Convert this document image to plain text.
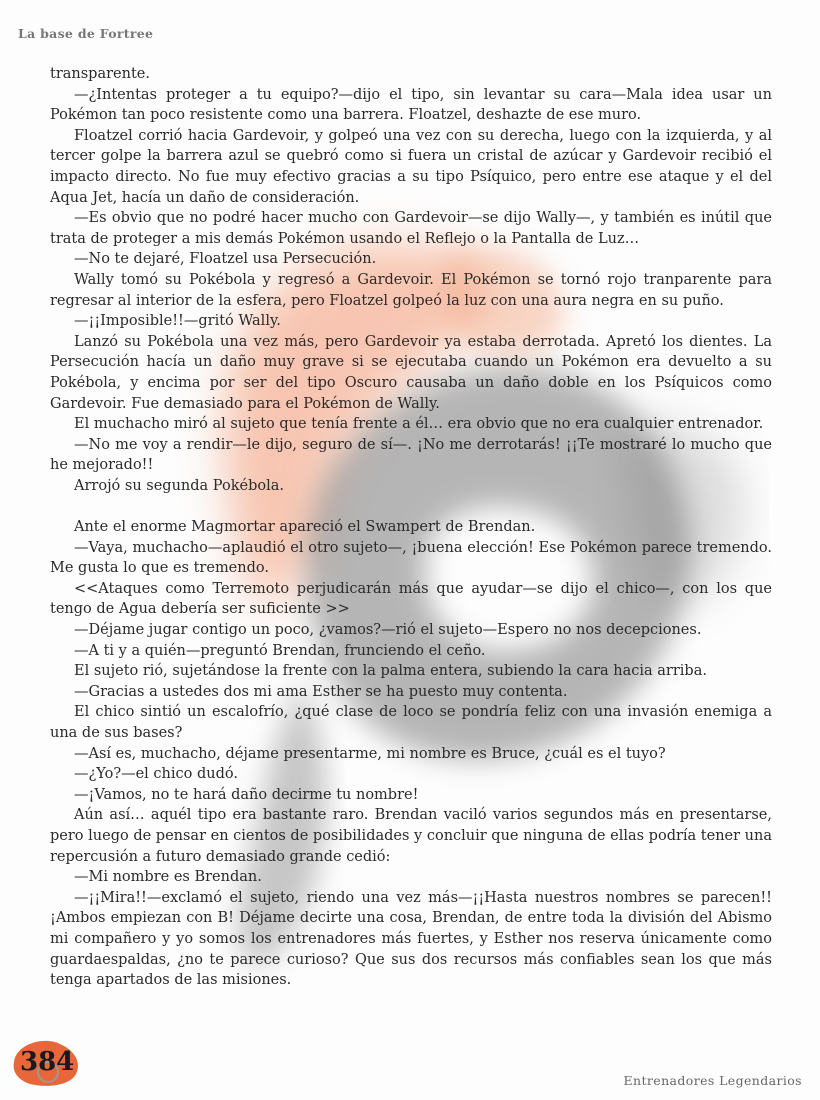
La base de Fortree

transparente.

—¿Intentas proteger a tu equipo?—dijo el tipo, sin levantar su cara—Mala idea usar un Pokémon tan poco resistente como una barrera. Floatzel, deshazte de ese muro.

Floatzel corrió hacia Gardevoir, y golpeó una vez con su derecha, luego con la izquierda, y al tercer golpe la barrera azul se quebró como si fuera un cristal de azúcar y Gardevoir recibió el impacto directo. No fue muy efectivo gracias a su tipo Psíquico, pero entre ese ataque y el del Aqua Jet, hacía un daño de consideración.

—Es obvio que no podré hacer mucho con Gardevoir—se dijo Wally—, y también es inútil que trata de proteger a mis demás Pokémon usando el Reflejo o la Pantalla de Luz…

—No te dejaré, Floatzel usa Persecución.

Wally tomó su Pokébola y regresó a Gardevoir. El Pokémon se tornó rojo tranparente para regresar al interior de la esfera, pero Floatzel golpeó la luz con una aura negra en su puño.

—¡¡Imposible!!—gritó Wally.

Lanzó su Pokébola una vez más, pero Gardevoir ya estaba derrotada. Apretó los dientes. La Persecución hacía un daño muy grave si se ejecutaba cuando un Pokémon era devuelto a su Pokébola, y encima por ser del tipo Oscuro causaba un daño doble en los Psíquicos como Gardevoir. Fue demasiado para el Pokémon de Wally.

El muchacho miró al sujeto que tenía frente a él… era obvio que no era cualquier entrenador.

—No me voy a rendir—le dijo, seguro de sí—. ¡No me derrotarás! ¡¡Te mostraré lo mucho que he mejorado!!

Arrojó su segunda Pokébola.

Ante el enorme Magmortar apareció el Swampert de Brendan.

—Vaya, muchacho—aplaudió el otro sujeto—, ¡buena elección! Ese Pokémon parece tremendo. Me gusta lo que es tremendo.

<<Ataques como Terremoto perjudicarán más que ayudar—se dijo el chico—, con los que tengo de Agua debería ser suficiente >>

—Déjame jugar contigo un poco, ¿vamos?—rió el sujeto—Espero no nos decepciones.

—A ti y a quién—preguntó Brendan, frunciendo el ceño.

El sujeto rió, sujetándose la frente con la palma entera, subiendo la cara hacia arriba.

—Gracias a ustedes dos mi ama Esther se ha puesto muy contenta.

El chico sintió un escalofrío, ¿qué clase de loco se pondría feliz con una invasión enemiga a una de sus bases?

—Así es, muchacho, déjame presentarme, mi nombre es Bruce, ¿cuál es el tuyo?

—¿Yo?—el chico dudó.

—¡Vamos, no te hará daño decirme tu nombre!

Aún así… aquél tipo era bastante raro. Brendan vaciló varios segundos más en presentarse, pero luego de pensar en cientos de posibilidades y concluir que ninguna de ellas podría tener una repercusión a futuro demasiado grande cedió:

—Mi nombre es Brendan.

—¡¡Mira!!—exclamó el sujeto, riendo una vez más—¡¡Hasta nuestros nombres se parecen!! ¡Ambos empiezan con B! Déjame decirte una cosa, Brendan, de entre toda la división del Abismo mi compañero y yo somos los entrenadores más fuertes, y Esther nos reserva únicamente como guardaespaldas, ¿no te parece curioso? Que sus dos recursos más confiables sean los que más tenga apartados de las misiones.

384
Entrenadores Legendarios
